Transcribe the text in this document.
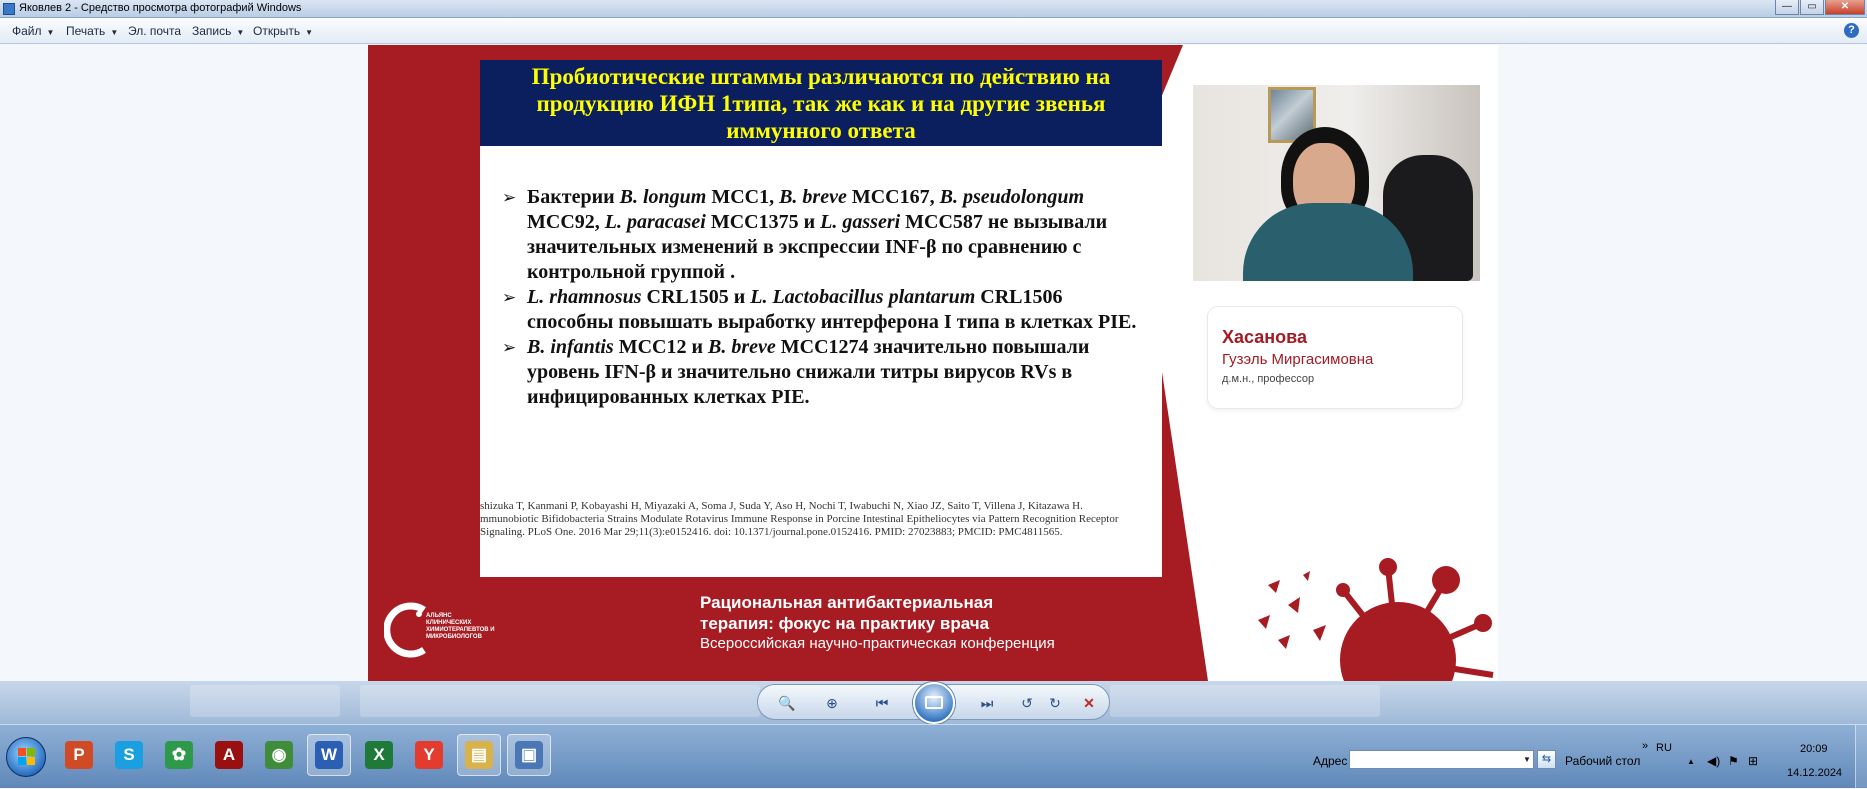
Яковлев 2 - Средство просмотра фотографий Windows	—	▭	✕
Файл ▼ Печать ▼ Эл. почта Запись ▼ Открыть ▼	?
Пробиотические штаммы различаются по действию на продукцию ИФН 1типа, так же как и на другие звенья иммунного ответа
➢ Бактерии B. longum MCC1, B. breve MCC167, B. pseudolongum MCC92, L. paracasei MCC1375 и L. gasseri MCC587 не вызывали значительных изменений в экспрессии INF-β по сравнению с контрольной группой .
➢ L. rhamnosus CRL1505 и L. Lactobacillus plantarum CRL1506 способны повышать выработку интерферона I типа в клетках PIE.
➢ B. infantis MCC12 и B. breve MCC1274 значительно повышали уровень IFN-β и значительно снижали титры вирусов RVs в инфицированных клетках PIE.
shizuka T, Kanmani P, Kobayashi H, Miyazaki A, Soma J, Suda Y, Aso H, Nochi T, Iwabuchi N, Xiao JZ, Saito T, Villena J, Kitazawa H. mmunobiotic Bifidobacteria Strains Modulate Rotavirus Immune Response in Porcine Intestinal Epitheliocytes via Pattern Recognition Receptor Signaling. PLoS One. 2016 Mar 29;11(3):e0152416. doi: 10.1371/journal.pone.0152416. PMID: 27023883; PMCID: PMC4811565.
Хасанова
Гузэль Миргасимовна
д.м.н., профессор
АЛЬЯНС КЛИНИЧЕСКИХ ХИМИОТЕРАПЕВТОВ И МИКРОБИОЛОГОВ
Рациональная антибактериальная
терапия: фокус на практику врача
Всероссийская научно-практическая конференция
🔍	⊕	⏮	⏭	↺	↻	✕
P	S	✿	A	◉	W	X	Y	▤	▣	Адрес	▼ ⇆	Рабочий стол
» RU
▲ ◀) ⚑ ⊞
20:09
14.12.2024
